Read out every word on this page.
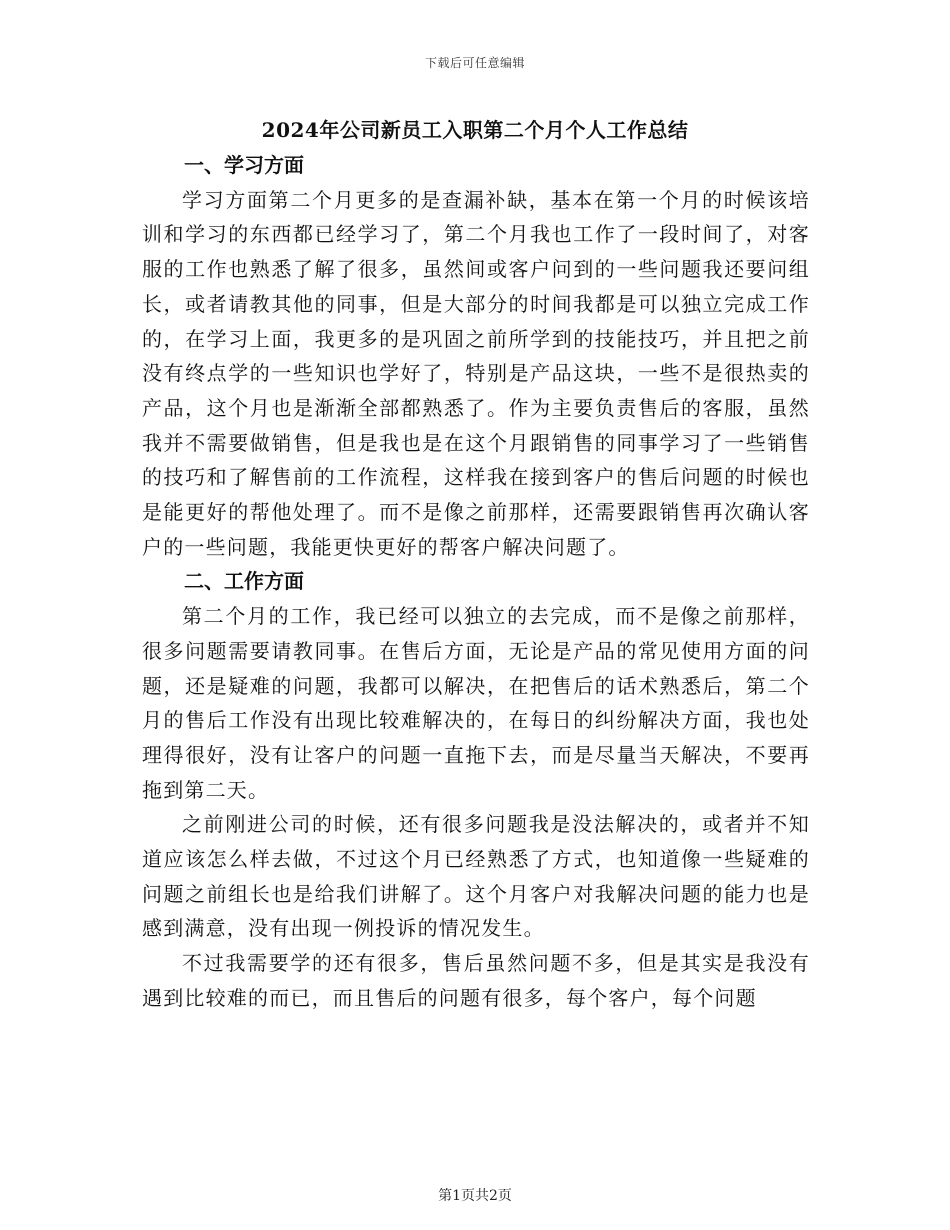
下载后可任意编辑
2024年公司新员工入职第二个月个人工作总结

一、学习方面

学习方面第二个月更多的是查漏补缺，基本在第一个月的时候该培训和学习的东西都已经学习了，第二个月我也工作了一段时间了，对客服的工作也熟悉了解了很多，虽然间或客户问到的一些问题我还要问组长，或者请教其他的同事，但是大部分的时间我都是可以独立完成工作的，在学习上面，我更多的是巩固之前所学到的技能技巧，并且把之前没有终点学的一些知识也学好了，特别是产品这块，一些不是很热卖的产品，这个月也是渐渐全部都熟悉了。作为主要负责售后的客服，虽然我并不需要做销售，但是我也是在这个月跟销售的同事学习了一些销售的技巧和了解售前的工作流程，这样我在接到客户的售后问题的时候也是能更好的帮他处理了。而不是像之前那样，还需要跟销售再次确认客户的一些问题，我能更快更好的帮客户解决问题了。

二、工作方面

第二个月的工作，我已经可以独立的去完成，而不是像之前那样，很多问题需要请教同事。在售后方面，无论是产品的常见使用方面的问题，还是疑难的问题，我都可以解决，在把售后的话术熟悉后，第二个月的售后工作没有出现比较难解决的，在每日的纠纷解决方面，我也处理得很好，没有让客户的问题一直拖下去，而是尽量当天解决，不要再拖到第二天。

之前刚进公司的时候，还有很多问题我是没法解决的，或者并不知道应该怎么样去做，不过这个月已经熟悉了方式，也知道像一些疑难的问题之前组长也是给我们讲解了。这个月客户对我解决问题的能力也是感到满意，没有出现一例投诉的情况发生。

不过我需要学的还有很多，售后虽然问题不多，但是其实是我没有遇到比较难的而已，而且售后的问题有很多，每个客户，每个问题

第1页共2页
